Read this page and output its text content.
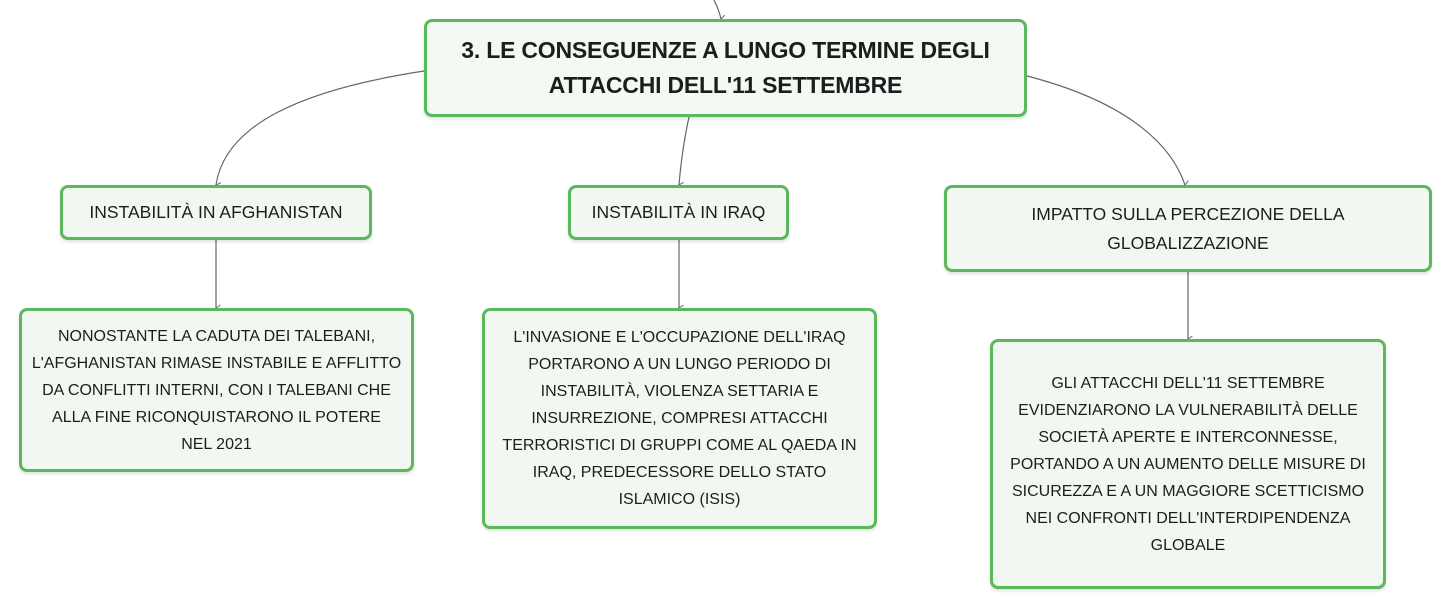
3. LE CONSEGUENZE A LUNGO TERMINE DEGLI
ATTACCHI DELL'11 SETTEMBRE
INSTABILITÀ IN AFGHANISTAN	INSTABILITÀ IN IRAQ	IMPATTO SULLA PERCEZIONE DELLA
GLOBALIZZAZIONE
NONOSTANTE LA CADUTA DEI TALEBANI,
L'AFGHANISTAN RIMASE INSTABILE E AFFLITTO
DA CONFLITTI INTERNI, CON I TALEBANI CHE
ALLA FINE RICONQUISTARONO IL POTERE
NEL 2021
L'INVASIONE E L'OCCUPAZIONE DELL'IRAQ
PORTARONO A UN LUNGO PERIODO DI
INSTABILITÀ, VIOLENZA SETTARIA E
INSURREZIONE, COMPRESI ATTACCHI
TERRORISTICI DI GRUPPI COME AL QAEDA IN
IRAQ, PREDECESSORE DELLO STATO
ISLAMICO (ISIS)
GLI ATTACCHI DELL'11 SETTEMBRE
EVIDENZIARONO LA VULNERABILITÀ DELLE
SOCIETÀ APERTE E INTERCONNESSE,
PORTANDO A UN AUMENTO DELLE MISURE DI
SICUREZZA E A UN MAGGIORE SCETTICISMO
NEI CONFRONTI DELL'INTERDIPENDENZA
GLOBALE
